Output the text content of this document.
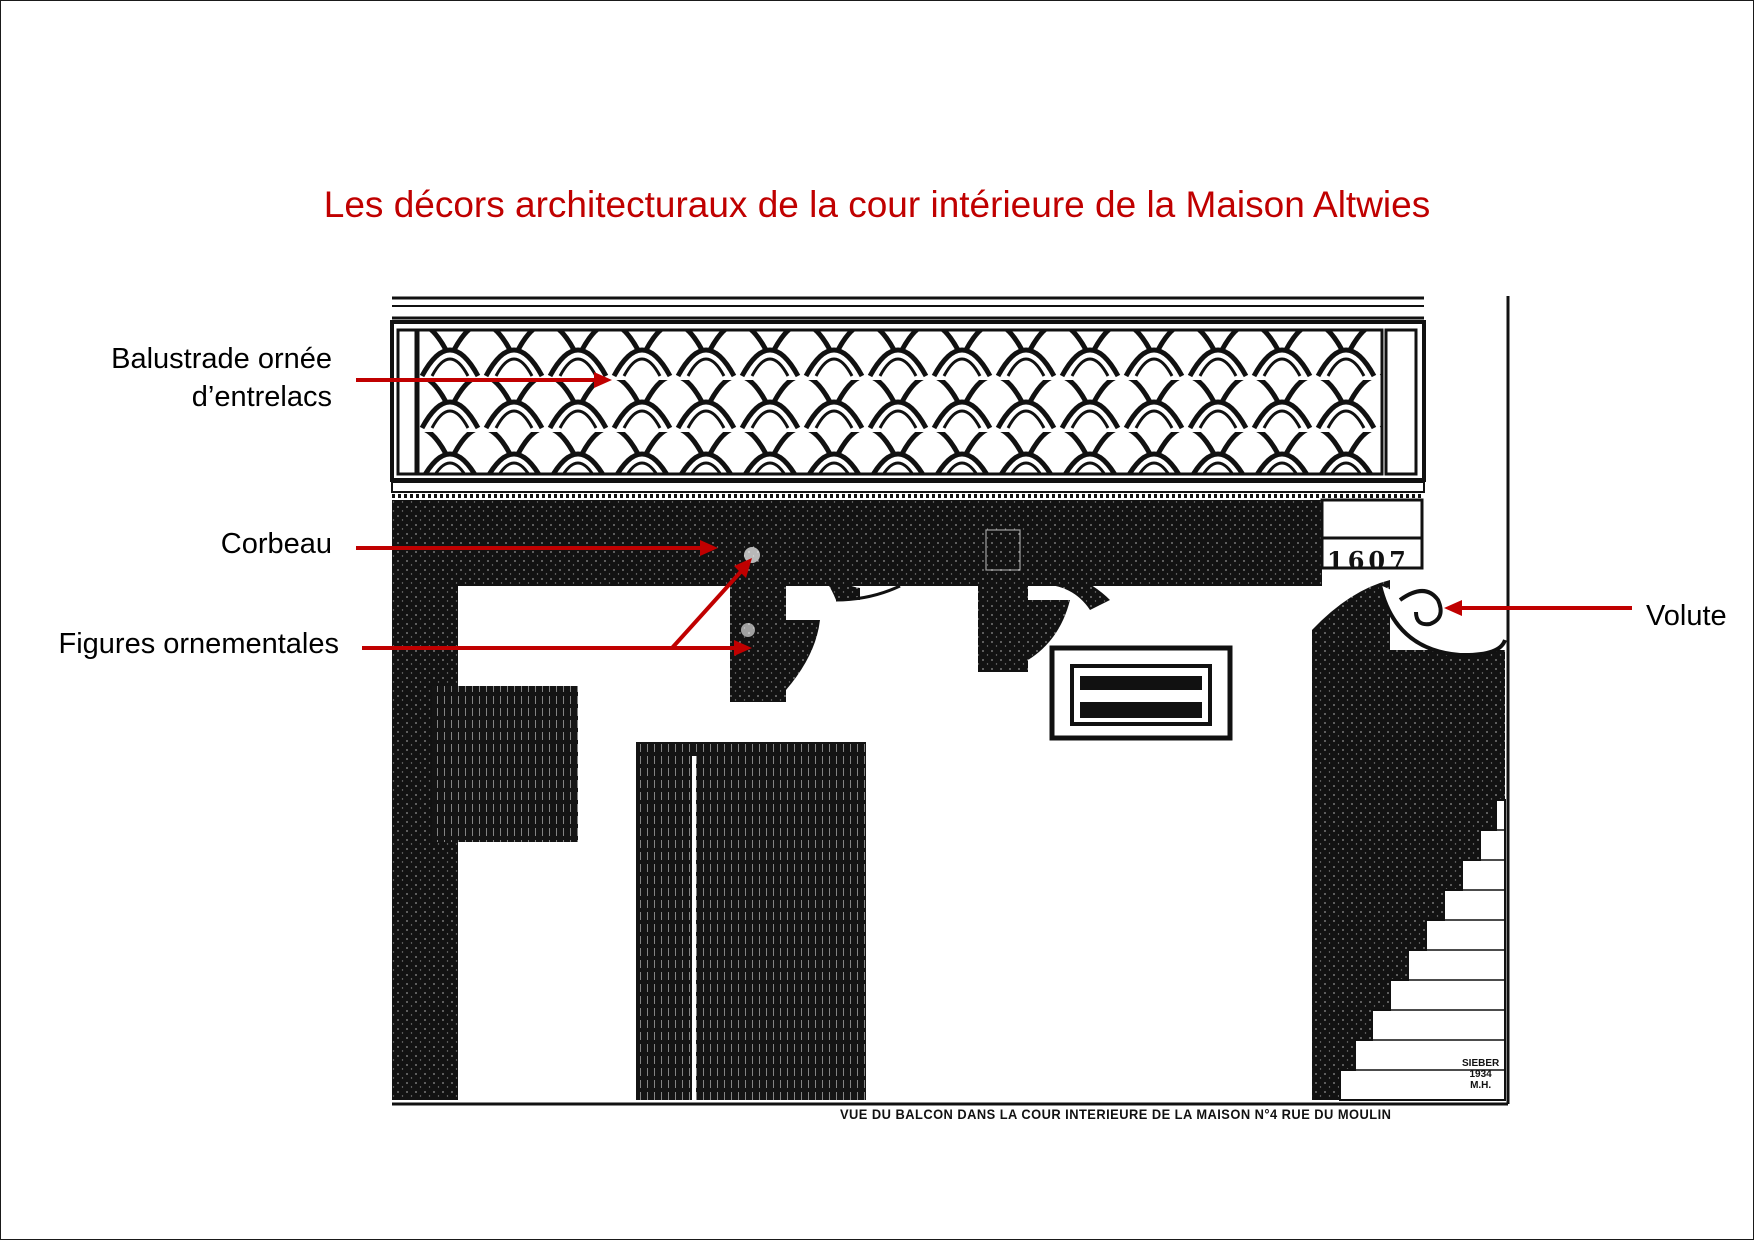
Les décors architecturaux de la cour intérieure de la Maison Altwies
1607
Balustrade ornée
d’entrelacs
Corbeau
Figures ornementales
Volute
VUE DU BALCON DANS LA COUR INTERIEURE DE LA MAISON N°4 RUE DU MOULIN
SIEBER
1934
M.H.
